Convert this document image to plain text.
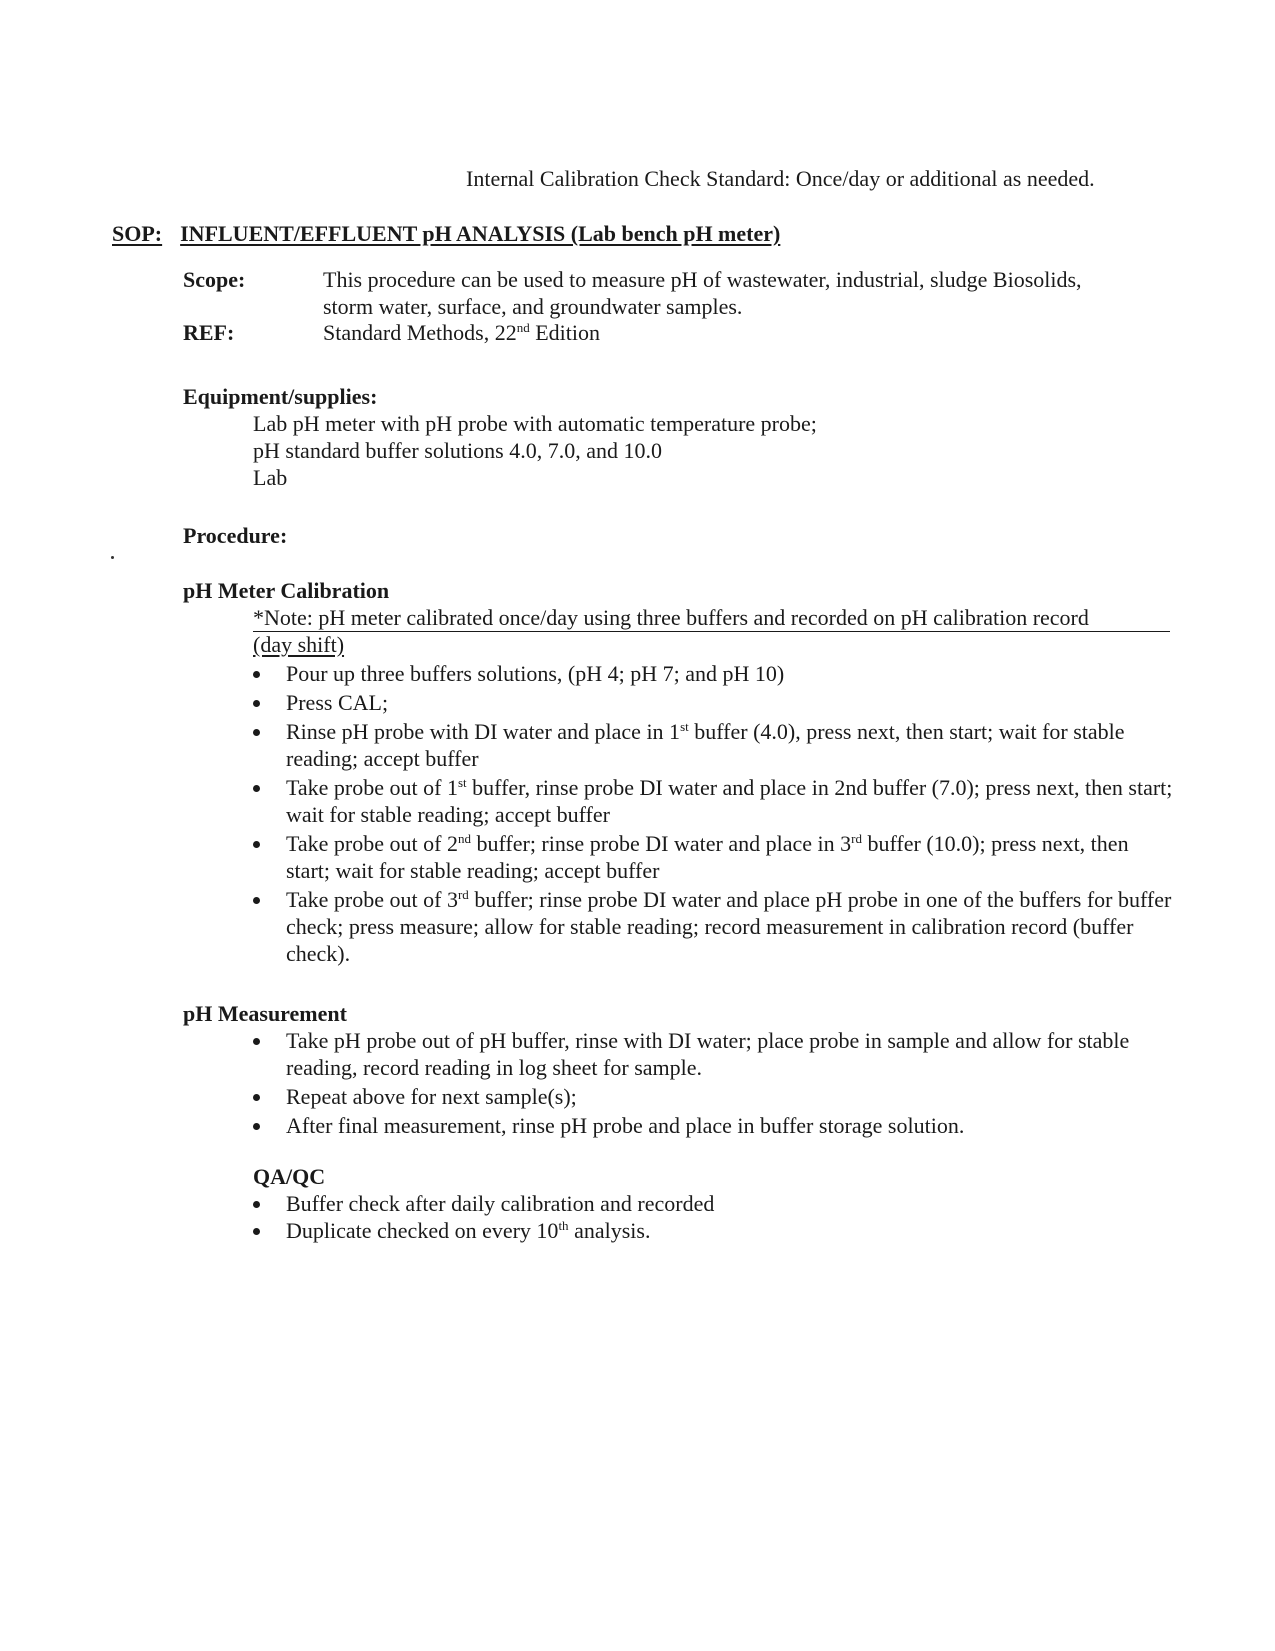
Internal Calibration Check Standard: Once/day or additional as needed.
SOP: INFLUENT/EFFLUENT pH ANALYSIS (Lab bench pH meter)
Scope:	This procedure can be used to measure pH of wastewater, industrial, sludge Biosolids,
storm water, surface, and groundwater samples.
REF:	Standard Methods, 22nd Edition
Equipment/supplies:
Lab pH meter with pH probe with automatic temperature probe;
pH standard buffer solutions 4.0, 7.0, and 10.0
Lab
Procedure:
pH Meter Calibration
*Note: pH meter calibrated once/day using three buffers and recorded on pH calibration record
(day shift)
Pour up three buffers solutions, (pH 4; pH 7; and pH 10)
Press CAL;
Rinse pH probe with DI water and place in 1st buffer (4.0), press next, then start; wait for stable reading; accept buffer
Take probe out of 1st buffer, rinse probe DI water and place in 2nd buffer (7.0); press next, then start; wait for stable reading; accept buffer
Take probe out of 2nd buffer; rinse probe DI water and place in 3rd buffer (10.0); press next, then start; wait for stable reading; accept buffer
Take probe out of 3rd buffer; rinse probe DI water and place pH probe in one of the buffers for buffer check; press measure; allow for stable reading; record measurement in calibration record (buffer check).
pH Measurement
Take pH probe out of pH buffer, rinse with DI water; place probe in sample and allow for stable reading, record reading in log sheet for sample.
Repeat above for next sample(s);
After final measurement, rinse pH probe and place in buffer storage solution.
QA/QC
Buffer check after daily calibration and recorded
Duplicate checked on every 10th analysis.
